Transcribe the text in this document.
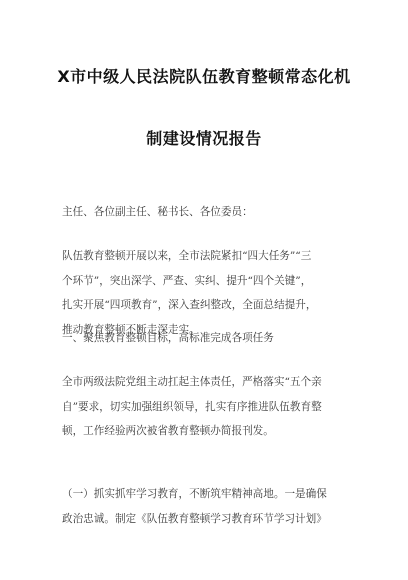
X市中级人民法院队伍教育整顿常态化机
制建设情况报告
主任、各位副主任、秘书长、各位委员：
队伍教育整顿开展以来，全市法院紧扣“四大任务”“三
个环节”，突出深学、严查、实纠、提升“四个关键”，
扎实开展“四项教育”，深入查纠整改，全面总结提升，
推动教育整顿不断走深走实。
一、聚焦教育整顿目标，高标准完成各项任务
全市两级法院党组主动扛起主体责任，严格落实“五个亲
自”要求，切实加强组织领导，扎实有序推进队伍教育整
顿，工作经验两次被省教育整顿办简报刊发。
（一）抓实抓牢学习教育，不断筑牢精神高地。一是确保
政治忠诚。制定《队伍教育整顿学习教育环节学习计划》
